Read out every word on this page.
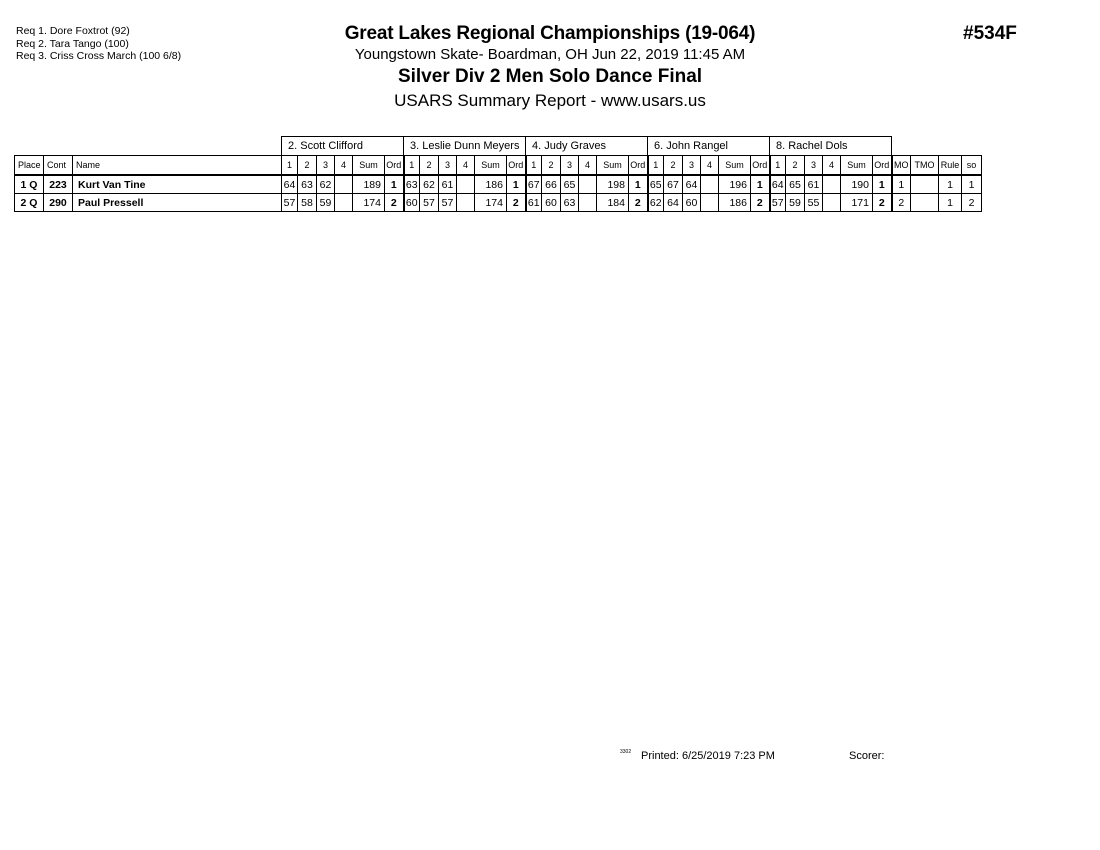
Req 1. Dore Foxtrot (92)
Req 2. Tara Tango (100)
Req 3. Criss Cross March (100 6/8)
Great Lakes Regional Championships (19-064)
Youngstown Skate- Boardman, OH Jun 22, 2019 11:45 AM
Silver Div 2 Men Solo Dance Final
USARS Summary Report - www.usars.us
#534F
			2. Scott Clifford						3. Leslie Dunn Meyers						4. Judy Graves						6. John Rangel						8. Rachel Dols									
Place	Cont	Name	1	2	3	4	Sum	Ord	1	2	3	4	Sum	Ord	1	2	3	4	Sum	Ord	1	2	3	4	Sum	Ord	1	2	3	4	Sum	Ord	MO	TMO	Rule	so
1 Q	223	Kurt Van Tine	64	63	62		189	1	63	62	61		186	1	67	66	65		198	1	65	67	64		196	1	64	65	61		190	1	1		1	1
2 Q	290	Paul Pressell	57	58	59		174	2	60	57	57		174	2	61	60	63		184	2	62	64	60		186	2	57	59	55		171	2	2		1	2
3302 Printed: 6/25/2019 7:23 PM	Scorer:
